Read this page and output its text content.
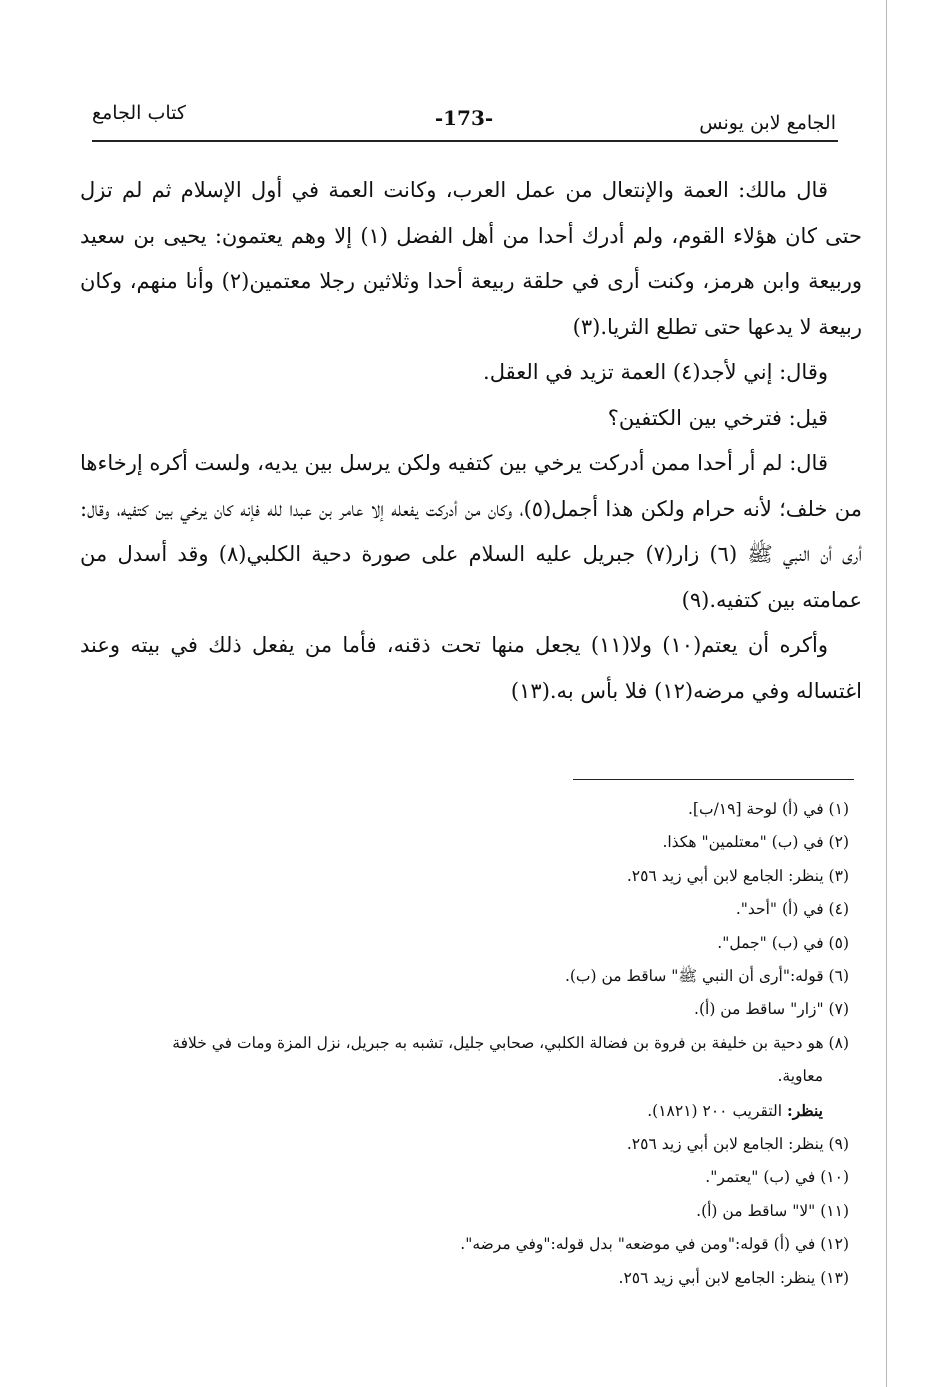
الجامع لابن يونس
-173-
كتاب الجامع

قال مالك: العمة والإنتعال من عمل العرب، وكانت العمة في أول الإسلام ثم لم تزل حتى كان هؤلاء القوم، ولم أدرك أحدا من أهل الفضل (١) إلا وهم يعتمون: يحيى بن سعيد وربيعة وابن هرمز، وكنت أرى في حلقة ربيعة أحدا وثلاثين رجلا معتمين(٢) وأنا منهم، وكان ربيعة لا يدعها حتى تطلع الثريا.(٣)

وقال: إني لأجد(٤) العمة تزيد في العقل.

قيل: فترخي بين الكتفين؟

قال: لم أر أحدا ممن أدركت يرخي بين كتفيه ولكن يرسل بين يديه، ولست أكره إرخاءها من خلف؛ لأنه حرام ولكن هذا أجمل(٥)، وكان من أدركت يفعله إلا عامر بن عبدا لله فإنه كان يرخي بين كتفيه، وقال: أرى أن النبي ﷺ (٦) زار(٧) جبريل عليه السلام على صورة دحية الكلبي(٨) وقد أسدل من عمامته بين كتفيه.(٩)

وأكره أن يعتم(١٠) ولا(١١) يجعل منها تحت ذقنه، فأما من يفعل ذلك في بيته وعند اغتساله وفي مرضه(١٢) فلا بأس به.(١٣)

(١) في (أ) لوحة [١٩/ب].

(٢) في (ب) "معتلمين" هكذا.

(٣) ينظر: الجامع لابن أبي زيد ٢٥٦.

(٤) في (أ) "أحد".

(٥) في (ب) "جمل".

(٦) قوله:"أرى أن النبي ﷺ" ساقط من (ب).

(٧) "زار" ساقط من (أ).

(٨) هو دحية بن خليفة بن فروة بن فضالة الكلبي، صحابي جليل، تشبه به جبريل، نزل المزة ومات في خلافة

معاوية.

ينظر: التقريب ٢٠٠ (١٨٢١).

(٩) ينظر: الجامع لابن أبي زيد ٢٥٦.

(١٠) في (ب) "يعتمر".

(١١) "لا" ساقط من (أ).

(١٢) في (أ) قوله:"ومن في موضعه" بدل قوله:"وفي مرضه".

(١٣) ينظر: الجامع لابن أبي زيد ٢٥٦.
